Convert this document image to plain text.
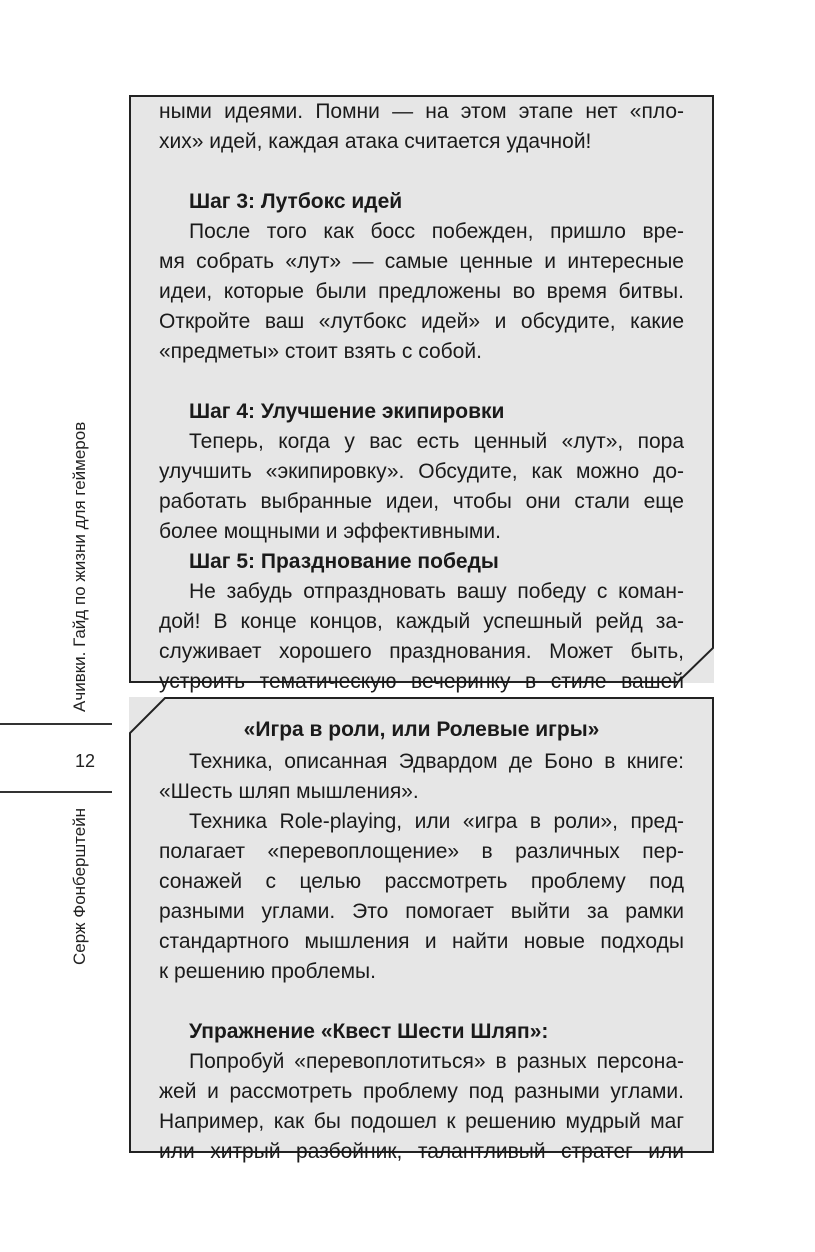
Ачивки. Гайд по жизни для геймеров
12
Серж Фонберштейн
ными идеями. Помни — на этом этапе нет «пло-
хих» идей, каждая атака считается удачной!
Шаг 3: Лутбокс идей
После того как босс побежден, пришло вре-
мя собрать «лут» — самые ценные и интересные
идеи, которые были предложены во время битвы.
Откройте ваш «лутбокс идей» и обсудите, какие
«предметы» стоит взять с собой.
Шаг 4: Улучшение экипировки
Теперь, когда у вас есть ценный «лут», пора
улучшить «экипировку». Обсудите, как можно до-
работать выбранные идеи, чтобы они стали еще
более мощными и эффективными.
Шаг 5: Празднование победы
Не забудь отпраздновать вашу победу с коман-
дой! В конце концов, каждый успешный рейд за-
служивает хорошего празднования. Может быть,
устроить тематическую вечеринку в стиле вашей
«Игра в роли, или Ролевые игры»
Техника, описанная Эдвардом де Боно в книге:
«Шесть шляп мышления».
Техника Role-playing, или «игра в роли», пред-
полагает «перевоплощение» в различных пер-
сонажей с целью рассмотреть проблему под
разными углами. Это помогает выйти за рамки
стандартного мышления и найти новые подходы
к решению проблемы.
Упражнение «Квест Шести Шляп»:
Попробуй «перевоплотиться» в разных персона-
жей и рассмотреть проблему под разными углами.
Например, как бы подошел к решению мудрый маг
или хитрый разбойник, талантливый стратег или
